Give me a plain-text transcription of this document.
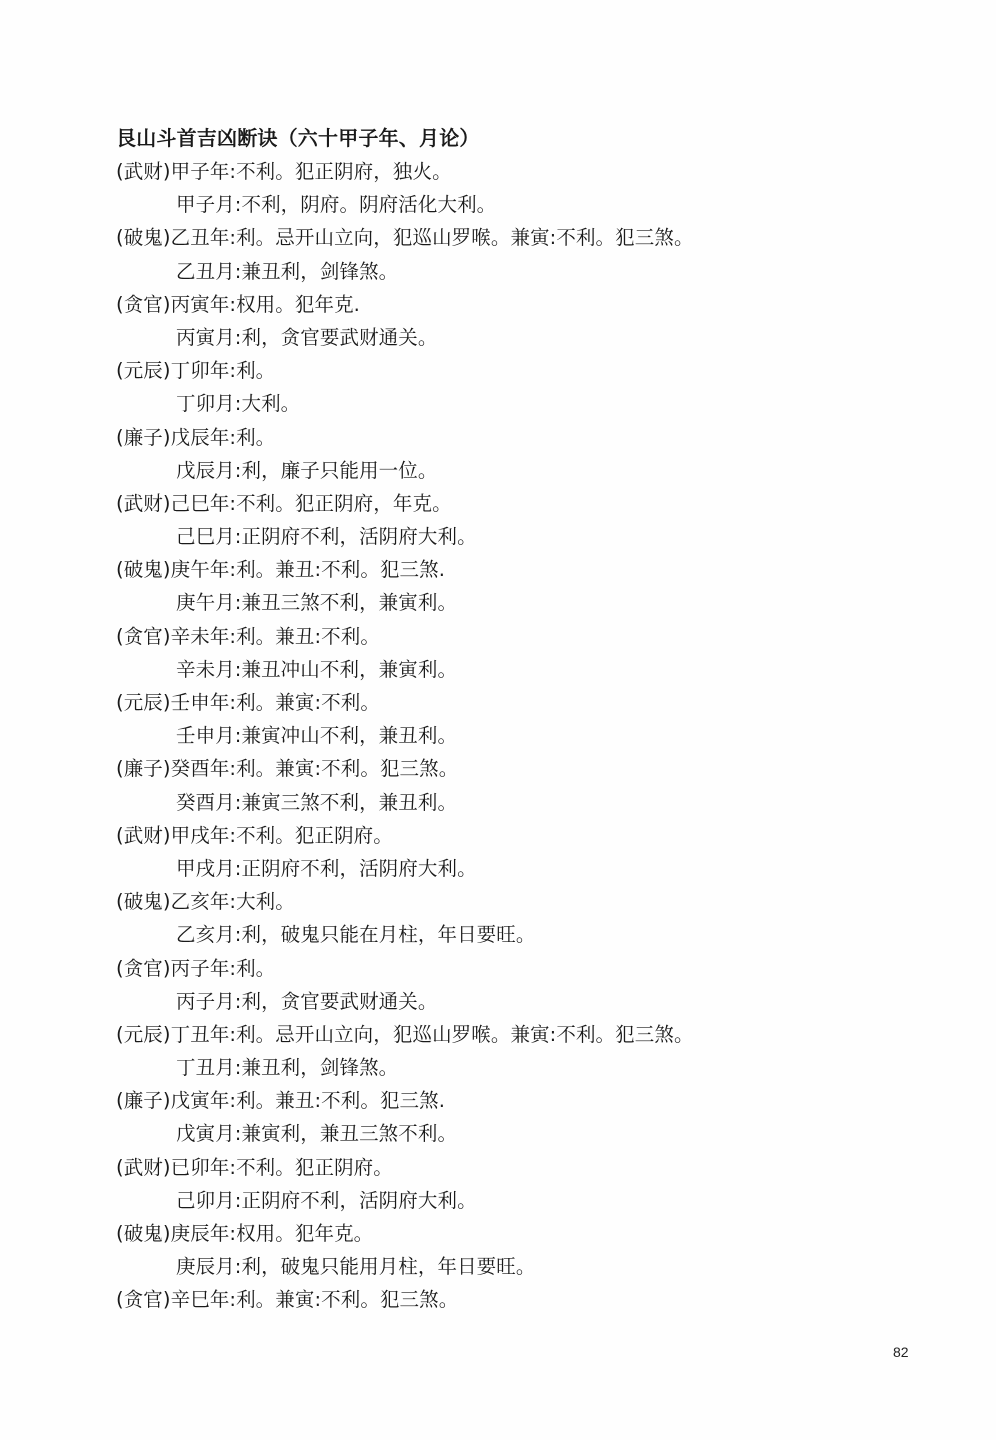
艮山斗首吉凶断诀（六十甲子年、月论）
(武财)甲子年:不利。犯正阴府，独火。
甲子月:不利，阴府。阴府活化大利。
(破鬼)乙丑年:利。忌开山立向，犯巡山罗喉。兼寅:不利。犯三煞。
乙丑月:兼丑利，剑锋煞。
(贪官)丙寅年:权用。犯年克.
丙寅月:利，贪官要武财通关。
(元辰)丁卯年:利。
丁卯月:大利。
(廉子)戊辰年:利。
戊辰月:利，廉子只能用一位。
(武财)己巳年:不利。犯正阴府，年克。
己巳月:正阴府不利，活阴府大利。
(破鬼)庚午年:利。兼丑:不利。犯三煞.
庚午月:兼丑三煞不利，兼寅利。
(贪官)辛未年:利。兼丑:不利。
辛未月:兼丑冲山不利，兼寅利。
(元辰)壬申年:利。兼寅:不利。
壬申月:兼寅冲山不利，兼丑利。
(廉子)癸酉年:利。兼寅:不利。犯三煞。
癸酉月:兼寅三煞不利，兼丑利。
(武财)甲戌年:不利。犯正阴府。
甲戌月:正阴府不利，活阴府大利。
(破鬼)乙亥年:大利。
乙亥月:利，破鬼只能在月柱，年日要旺。
(贪官)丙子年:利。
丙子月:利，贪官要武财通关。
(元辰)丁丑年:利。忌开山立向，犯巡山罗喉。兼寅:不利。犯三煞。
丁丑月:兼丑利，剑锋煞。
(廉子)戊寅年:利。兼丑:不利。犯三煞.
戊寅月:兼寅利，兼丑三煞不利。
(武财)已卯年:不利。犯正阴府。
己卯月:正阴府不利，活阴府大利。
(破鬼)庚辰年:权用。犯年克。
庚辰月:利，破鬼只能用月柱，年日要旺。
(贪官)辛巳年:利。兼寅:不利。犯三煞。
82
